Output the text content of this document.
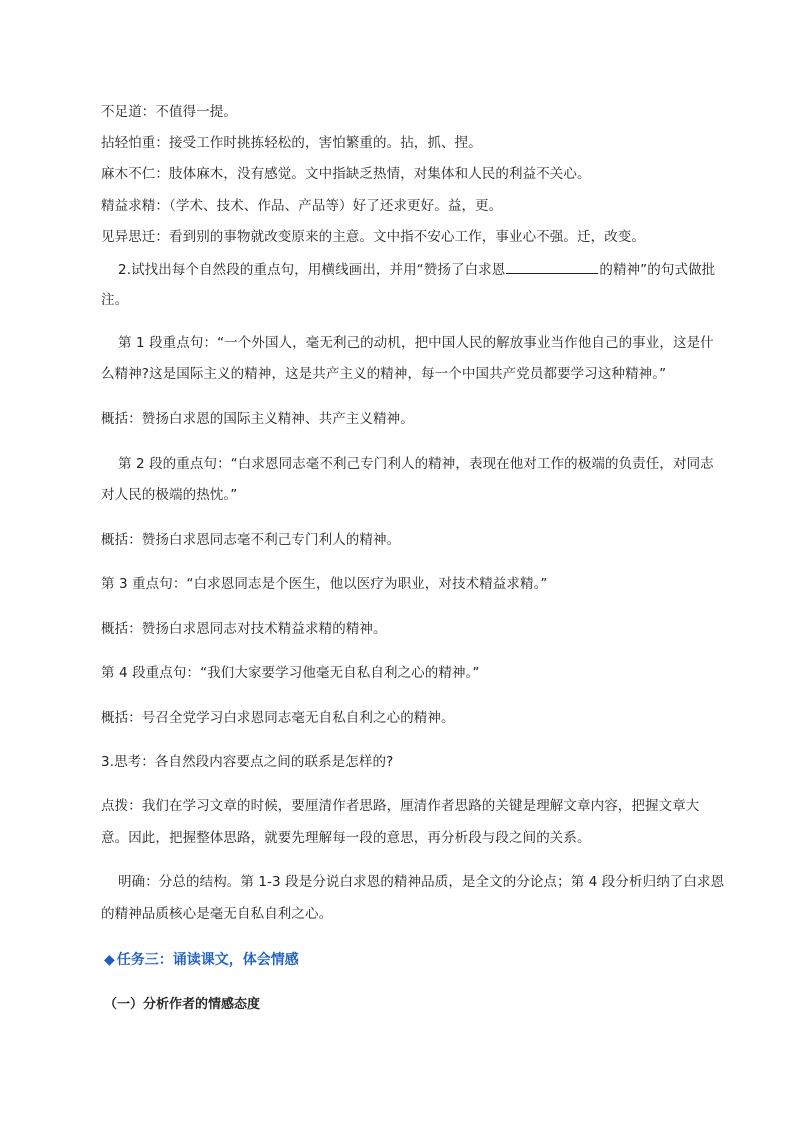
不足道：不值得一提。
拈轻怕重：接受工作时挑拣轻松的，害怕繁重的。拈，抓、捏。
麻木不仁：肢体麻木，没有感觉。文中指缺乏热情，对集体和人民的利益不关心。
精益求精：（学术、技术、作品、产品等）好了还求更好。益，更。
见异思迁：看到别的事物就改变原来的主意。文中指不安心工作，事业心不强。迁，改变。
2.试找出每个自然段的重点句，用横线画出，并用“赞扬了白求恩	的精神”的句式做批
注。
第 1 段重点句：“一个外国人，毫无利己的动机，把中国人民的解放事业当作他自己的事业，这是什
么精神?这是国际主义的精神，这是共产主义的精神，每一个中国共产党员都要学习这种精神。”
概括：赞扬白求恩的国际主义精神、共产主义精神。
第 2 段的重点句：“白求恩同志毫不利己专门利人的精神，表现在他对工作的极端的负责任，对同志
对人民的极端的热忱。”
概括：赞扬白求恩同志毫不利己专门利人的精神。
第 3 重点句：“白求恩同志是个医生，他以医疗为职业，对技术精益求精。”
概括：赞扬白求恩同志对技术精益求精的精神。
第 4 段重点句：“我们大家要学习他毫无自私自利之心的精神。”
概括：号召全党学习白求恩同志毫无自私自利之心的精神。
3.思考：各自然段内容要点之间的联系是怎样的?
点拨：我们在学习文章的时候，要厘清作者思路，厘清作者思路的关键是理解文章内容，把握文章大
意。因此，把握整体思路，就要先理解每一段的意思，再分析段与段之间的关系。
明确：分总的结构。第 1-3 段是分说白求恩的精神品质，是全文的分论点；第 4 段分析归纳了白求恩
的精神品质核心是毫无自私自利之心。
◆ 任务三：诵读课文，体会情感
（一）分析作者的情感态度
